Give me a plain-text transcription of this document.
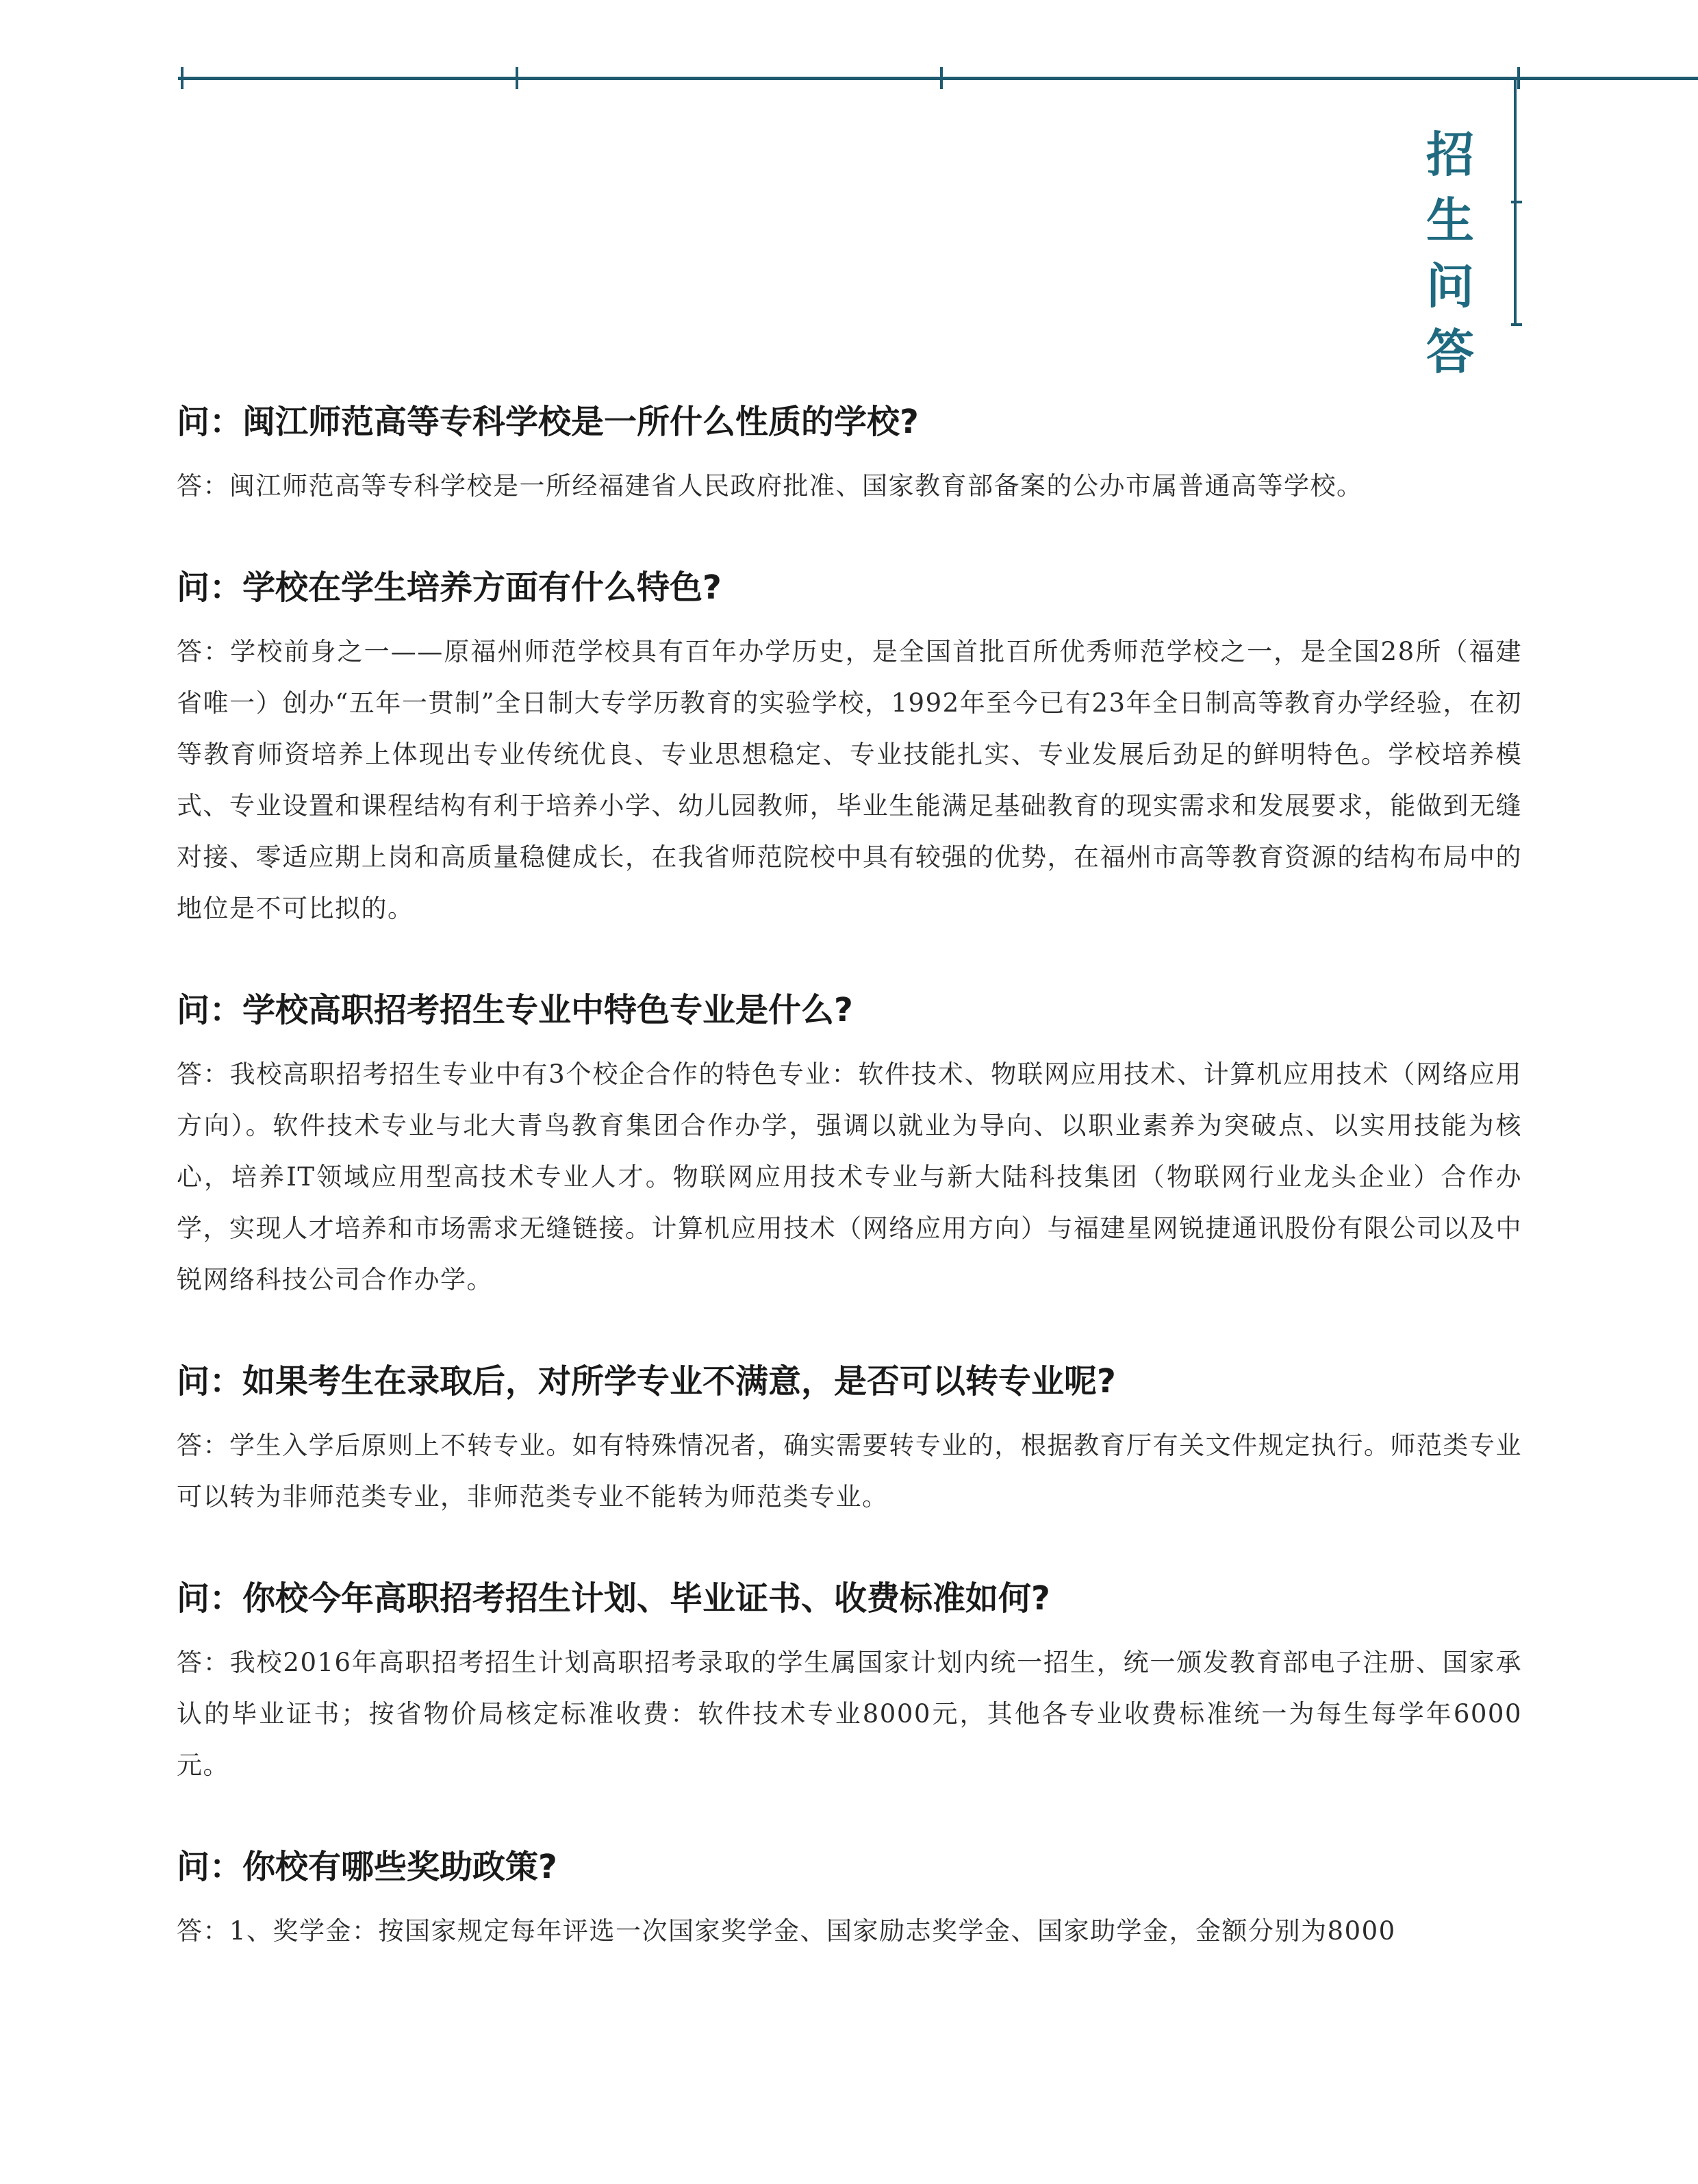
招
生
问
答
问：闽江师范高等专科学校是一所什么性质的学校?
答：闽江师范高等专科学校是一所经福建省人民政府批准、国家教育部备案的公办市属普通高等学校。
问：学校在学生培养方面有什么特色?
答：学校前身之一——原福州师范学校具有百年办学历史，是全国首批百所优秀师范学校之一，是全国28所（福建省唯一）创办“五年一贯制”全日制大专学历教育的实验学校，1992年至今已有23年全日制高等教育办学经验，在初等教育师资培养上体现出专业传统优良、专业思想稳定、专业技能扎实、专业发展后劲足的鲜明特色。学校培养模式、专业设置和课程结构有利于培养小学、幼儿园教师，毕业生能满足基础教育的现实需求和发展要求，能做到无缝对接、零适应期上岗和高质量稳健成长，在我省师范院校中具有较强的优势，在福州市高等教育资源的结构布局中的地位是不可比拟的。
问：学校高职招考招生专业中特色专业是什么?
答：我校高职招考招生专业中有3个校企合作的特色专业：软件技术、物联网应用技术、计算机应用技术（网络应用方向）。软件技术专业与北大青鸟教育集团合作办学，强调以就业为导向、以职业素养为突破点、以实用技能为核心，培养IT领域应用型高技术专业人才。物联网应用技术专业与新大陆科技集团（物联网行业龙头企业）合作办学，实现人才培养和市场需求无缝链接。计算机应用技术（网络应用方向）与福建星网锐捷通讯股份有限公司以及中锐网络科技公司合作办学。
问：如果考生在录取后，对所学专业不满意，是否可以转专业呢?
答：学生入学后原则上不转专业。如有特殊情况者，确实需要转专业的，根据教育厅有关文件规定执行。师范类专业可以转为非师范类专业，非师范类专业不能转为师范类专业。
问：你校今年高职招考招生计划、毕业证书、收费标准如何?
答：我校2016年高职招考招生计划高职招考录取的学生属国家计划内统一招生，统一颁发教育部电子注册、国家承认的毕业证书；按省物价局核定标准收费：软件技术专业8000元，其他各专业收费标准统一为每生每学年6000元。
问：你校有哪些奖助政策?
答：1、奖学金：按国家规定每年评选一次国家奖学金、国家励志奖学金、国家助学金，金额分别为8000
